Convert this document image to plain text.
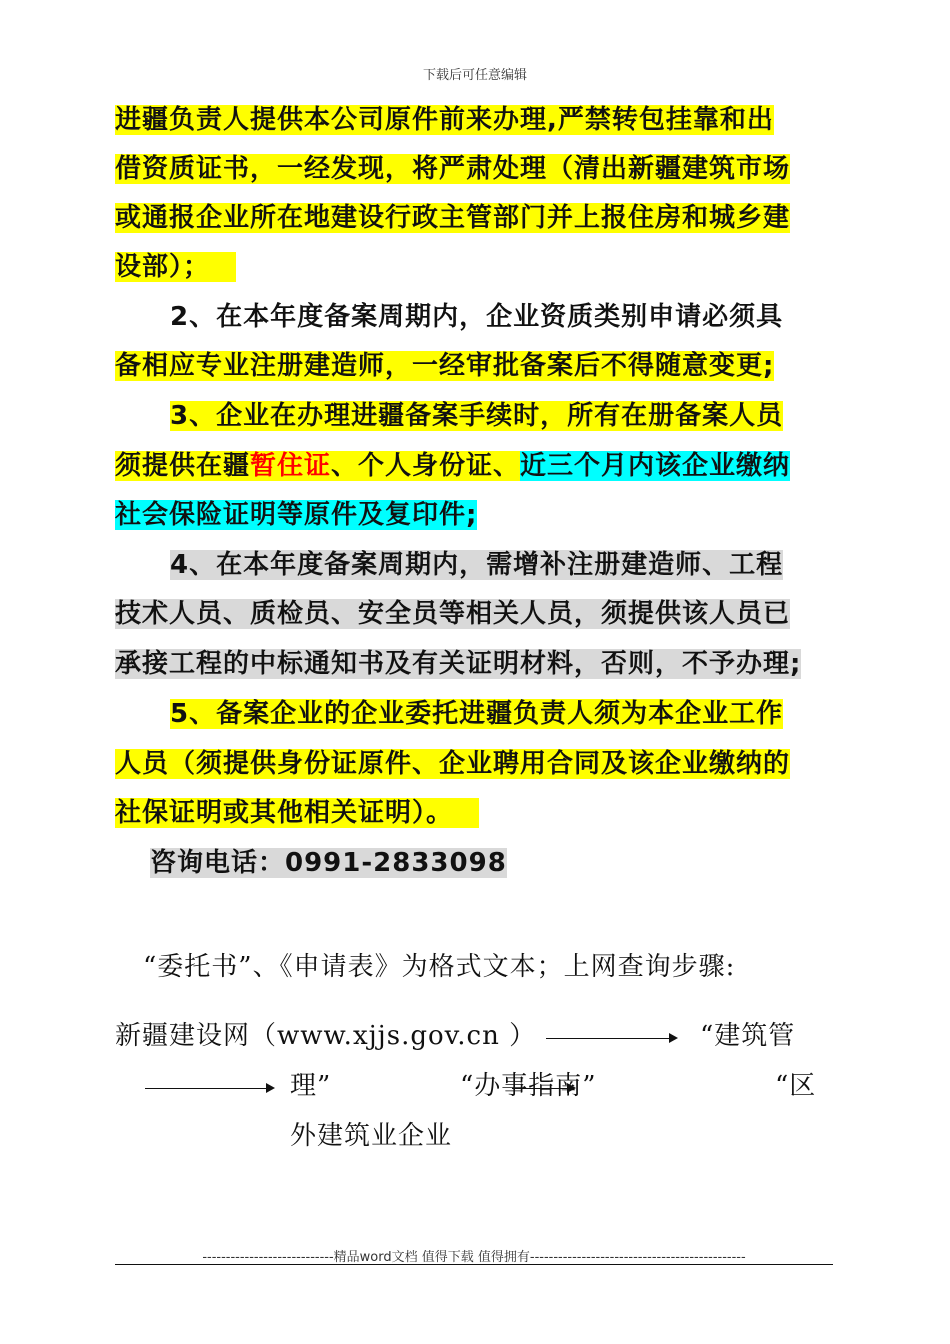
下载后可任意编辑
进疆负责人提供本公司原件前来办理,严禁转包挂靠和出
借资质证书，一经发现，将严肃处理（清出新疆建筑市场
或通报企业所在地建设行政主管部门并上报住房和城乡建
设部）；
2、在本年度备案周期内，企业资质类别申请必须具
备相应专业注册建造师，一经审批备案后不得随意变更;
3、企业在办理进疆备案手续时，所有在册备案人员
须提供在疆暂住证、个人身份证、近三个月内该企业缴纳
社会保险证明等原件及复印件;
4、在本年度备案周期内，需增补注册建造师、工程
技术人员、质检员、安全员等相关人员，须提供该人员已
承接工程的中标通知书及有关证明材料，否则，不予办理;
5、备案企业的企业委托进疆负责人须为本企业工作
人员（须提供身份证原件、企业聘用合同及该企业缴纳的
社保证明或其他相关证明）。
咨询电话：0991-2833098
“委托书”、《申请表》为格式文本；上网查询步骤:
新疆建设网（www.xjjs.gov.cn ）	“建筑管
理”	“办事指南”	“区
外建筑业企业
----------------------------精品word文档 值得下载 值得拥有----------------------------------------------
